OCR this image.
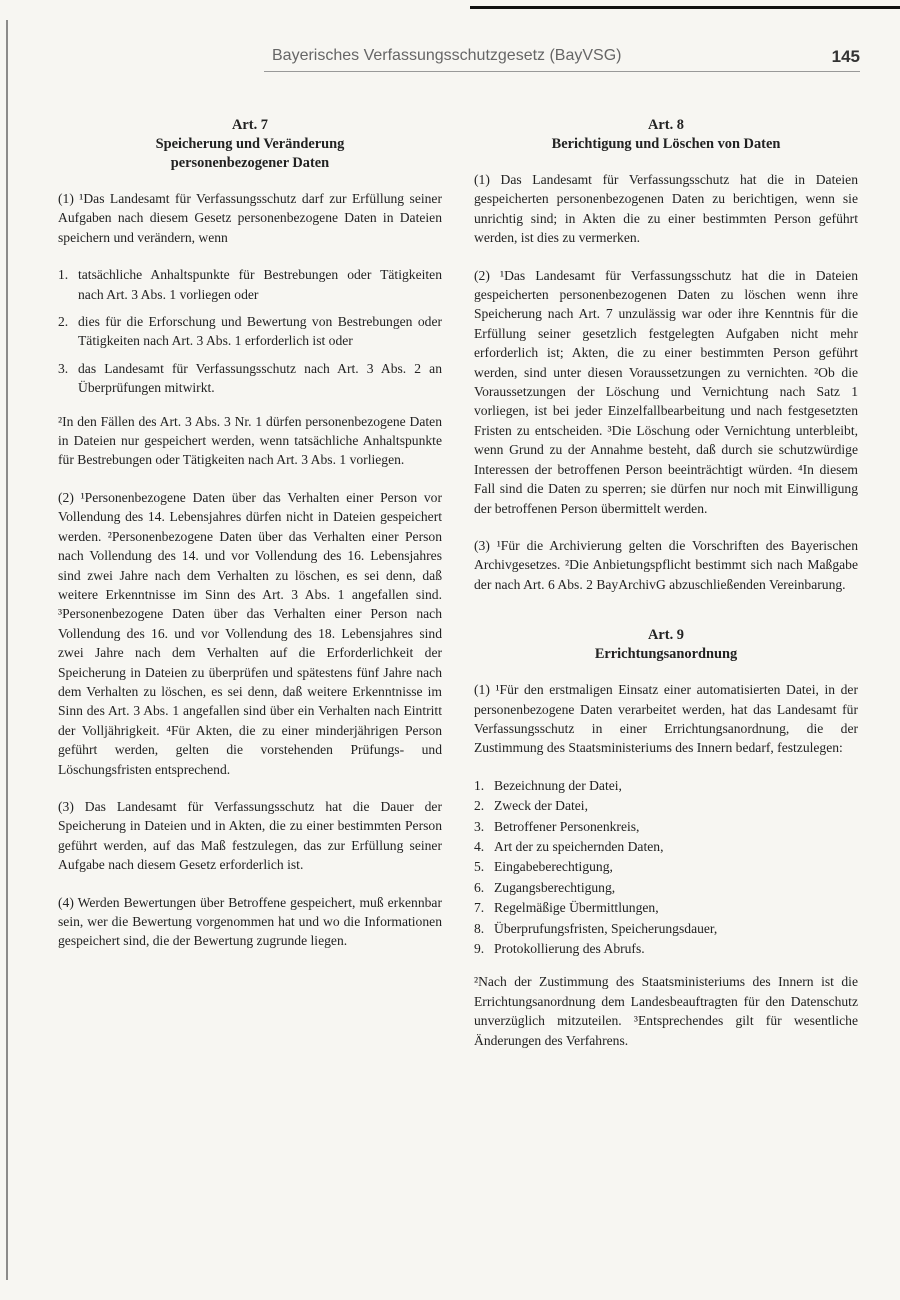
Bayerisches Verfassungsschutzgesetz (BayVSG)	145
Art. 7
Speicherung und Veränderung
personenbezogener Daten

(1) ¹Das Landesamt für Verfassungsschutz darf zur Erfüllung seiner Aufgaben nach diesem Gesetz personenbezogene Daten in Dateien speichern und verändern, wenn

1. tatsächliche Anhaltspunkte für Bestrebungen oder Tätigkeiten nach Art. 3 Abs. 1 vorliegen oder
2. dies für die Erforschung und Bewertung von Bestrebungen oder Tätigkeiten nach Art. 3 Abs. 1 erforderlich ist oder
3. das Landesamt für Verfassungsschutz nach Art. 3 Abs. 2 an Überprüfungen mitwirkt.

²In den Fällen des Art. 3 Abs. 3 Nr. 1 dürfen personenbezogene Daten in Dateien nur gespeichert werden, wenn tatsächliche Anhaltspunkte für Bestrebungen oder Tätigkeiten nach Art. 3 Abs. 1 vorliegen.

(2) ¹Personenbezogene Daten über das Verhalten einer Person vor Vollendung des 14. Lebensjahres dürfen nicht in Dateien gespeichert werden. ²Personenbezogene Daten über das Verhalten einer Person nach Vollendung des 14. und vor Vollendung des 16. Lebensjahres sind zwei Jahre nach dem Verhalten zu löschen, es sei denn, daß weitere Erkenntnisse im Sinn des Art. 3 Abs. 1 angefallen sind. ³Personenbezogene Daten über das Verhalten einer Person nach Vollendung des 16. und vor Vollendung des 18. Lebensjahres sind zwei Jahre nach dem Verhalten auf die Erforderlichkeit der Speicherung in Dateien zu überprüfen und spätestens fünf Jahre nach dem Verhalten zu löschen, es sei denn, daß weitere Erkenntnisse im Sinn des Art. 3 Abs. 1 angefallen sind über ein Verhalten nach Eintritt der Volljährigkeit. ⁴Für Akten, die zu einer minderjährigen Person geführt werden, gelten die vorstehenden Prüfungs- und Löschungsfristen entsprechend.

(3) Das Landesamt für Verfassungsschutz hat die Dauer der Speicherung in Dateien und in Akten, die zu einer bestimmten Person geführt werden, auf das Maß festzulegen, das zur Erfüllung seiner Aufgabe nach diesem Gesetz erforderlich ist.

(4) Werden Bewertungen über Betroffene gespeichert, muß erkennbar sein, wer die Bewertung vorgenommen hat und wo die Informationen gespeichert sind, die der Bewertung zugrunde liegen.

Art. 8
Berichtigung und Löschen von Daten

(1) Das Landesamt für Verfassungsschutz hat die in Dateien gespeicherten personenbezogenen Daten zu berichtigen, wenn sie unrichtig sind; in Akten die zu einer bestimmten Person geführt werden, ist dies zu vermerken.

(2) ¹Das Landesamt für Verfassungsschutz hat die in Dateien gespeicherten personenbezogenen Daten zu löschen wenn ihre Speicherung nach Art. 7 unzulässig war oder ihre Kenntnis für die Erfüllung seiner gesetzlich festgelegten Aufgaben nicht mehr erforderlich ist; Akten, die zu einer bestimmten Person geführt werden, sind unter diesen Voraussetzungen zu vernichten. ²Ob die Voraussetzungen der Löschung und Vernichtung nach Satz 1 vorliegen, ist bei jeder Einzelfallbearbeitung und nach festgesetzten Fristen zu entscheiden. ³Die Löschung oder Vernichtung unterbleibt, wenn Grund zu der Annahme besteht, daß durch sie schutzwürdige Interessen der betroffenen Person beeinträchtigt würden. ⁴In diesem Fall sind die Daten zu sperren; sie dürfen nur noch mit Einwilligung der betroffenen Person übermittelt werden.

(3) ¹Für die Archivierung gelten die Vorschriften des Bayerischen Archivgesetzes. ²Die Anbietungspflicht bestimmt sich nach Maßgabe der nach Art. 6 Abs. 2 BayArchivG abzuschließenden Vereinbarung.

Art. 9
Errichtungsanordnung

(1) ¹Für den erstmaligen Einsatz einer automatisierten Datei, in der personenbezogene Daten verarbeitet werden, hat das Landesamt für Verfassungsschutz in einer Errichtungsanordnung, die der Zustimmung des Staatsministeriums des Innern bedarf, festzulegen:

1. Bezeichnung der Datei,
2. Zweck der Datei,
3. Betroffener Personenkreis,
4. Art der zu speichernden Daten,
5. Eingabeberechtigung,
6. Zugangsberechtigung,
7. Regelmäßige Übermittlungen,
8. Überprufungsfristen, Speicherungsdauer,
9. Protokollierung des Abrufs.

²Nach der Zustimmung des Staatsministeriums des Innern ist die Errichtungsanordnung dem Landesbeauftragten für den Datenschutz unverzüglich mitzuteilen. ³Entsprechendes gilt für wesentliche Änderungen des Verfahrens.
